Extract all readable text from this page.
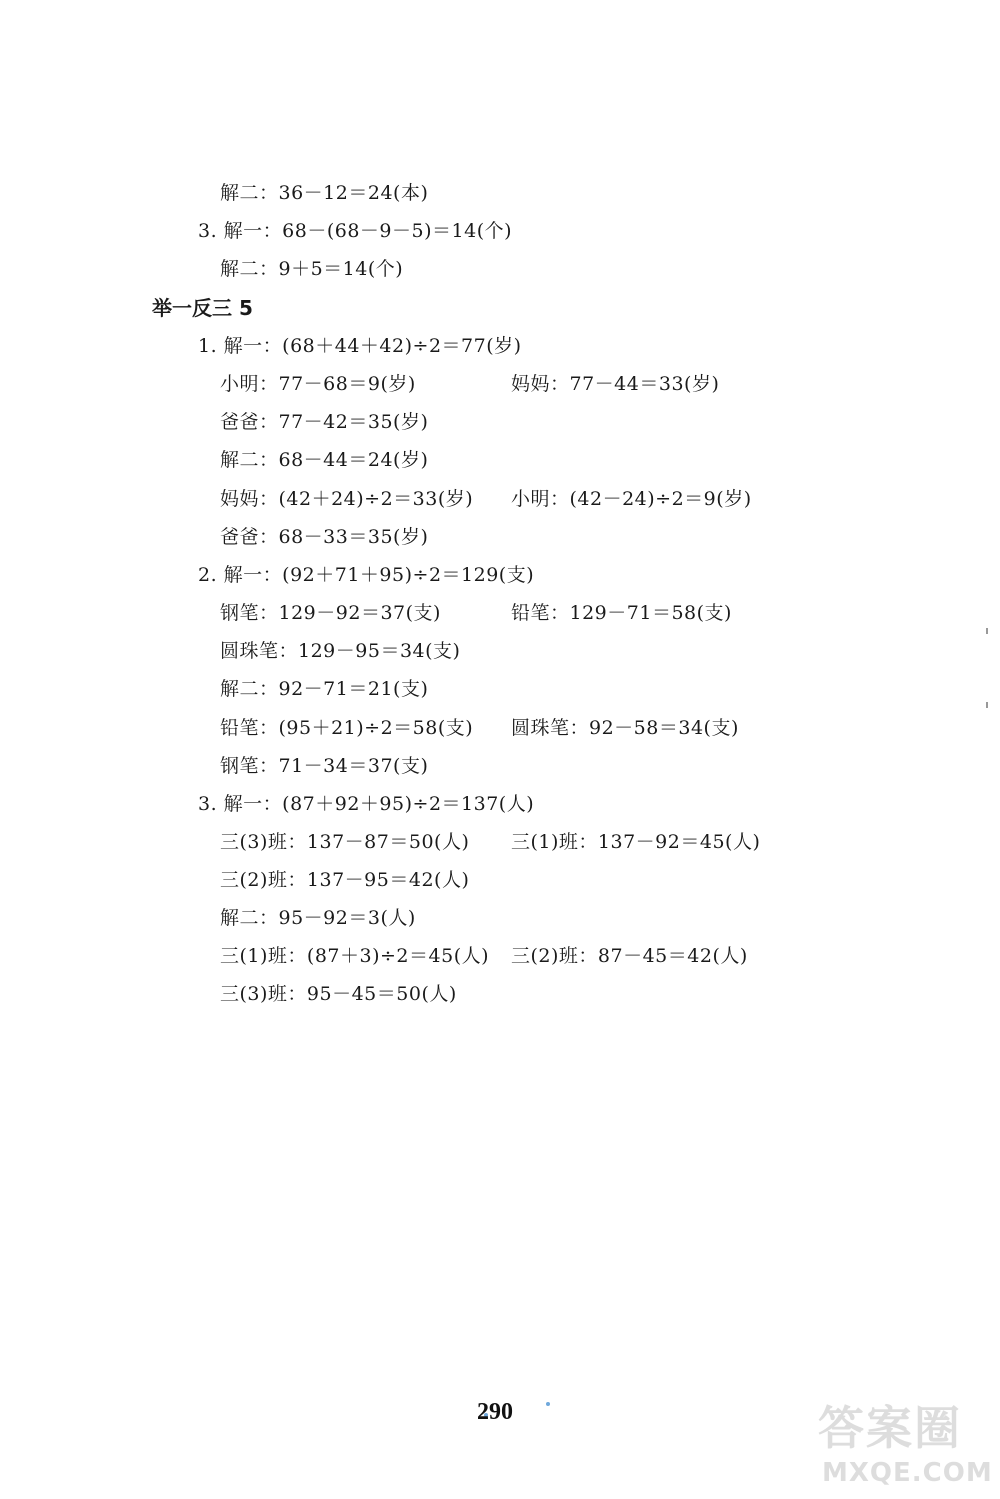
解二：36－12＝24(本)
3. 解一：68－(68－9－5)＝14(个)
解二：9＋5＝14(个)
举一反三 5
1. 解一：(68＋44＋42)÷2＝77(岁)
小明：77－68＝9(岁)	妈妈：77－44＝33(岁)
爸爸：77－42＝35(岁)
解二：68－44＝24(岁)
妈妈：(42＋24)÷2＝33(岁) 小明：(42－24)÷2＝9(岁)
爸爸：68－33＝35(岁)
2. 解一：(92＋71＋95)÷2＝129(支)
钢笔：129－92＝37(支)	铅笔：129－71＝58(支)
圆珠笔：129－95＝34(支)
解二：92－71＝21(支)
铅笔：(95＋21)÷2＝58(支) 圆珠笔：92－58＝34(支)
钢笔：71－34＝37(支)
3. 解一：(87＋92＋95)÷2＝137(人)
三(3)班：137－87＝50(人) 三(1)班：137－92＝45(人)
三(2)班：137－95＝42(人)
解二：95－92＝3(人)
三(1)班：(87＋3)÷2＝45(人) 三(2)班：87－45＝42(人)
三(3)班：95－45＝50(人)
290	答案圈
MXQE.COM
